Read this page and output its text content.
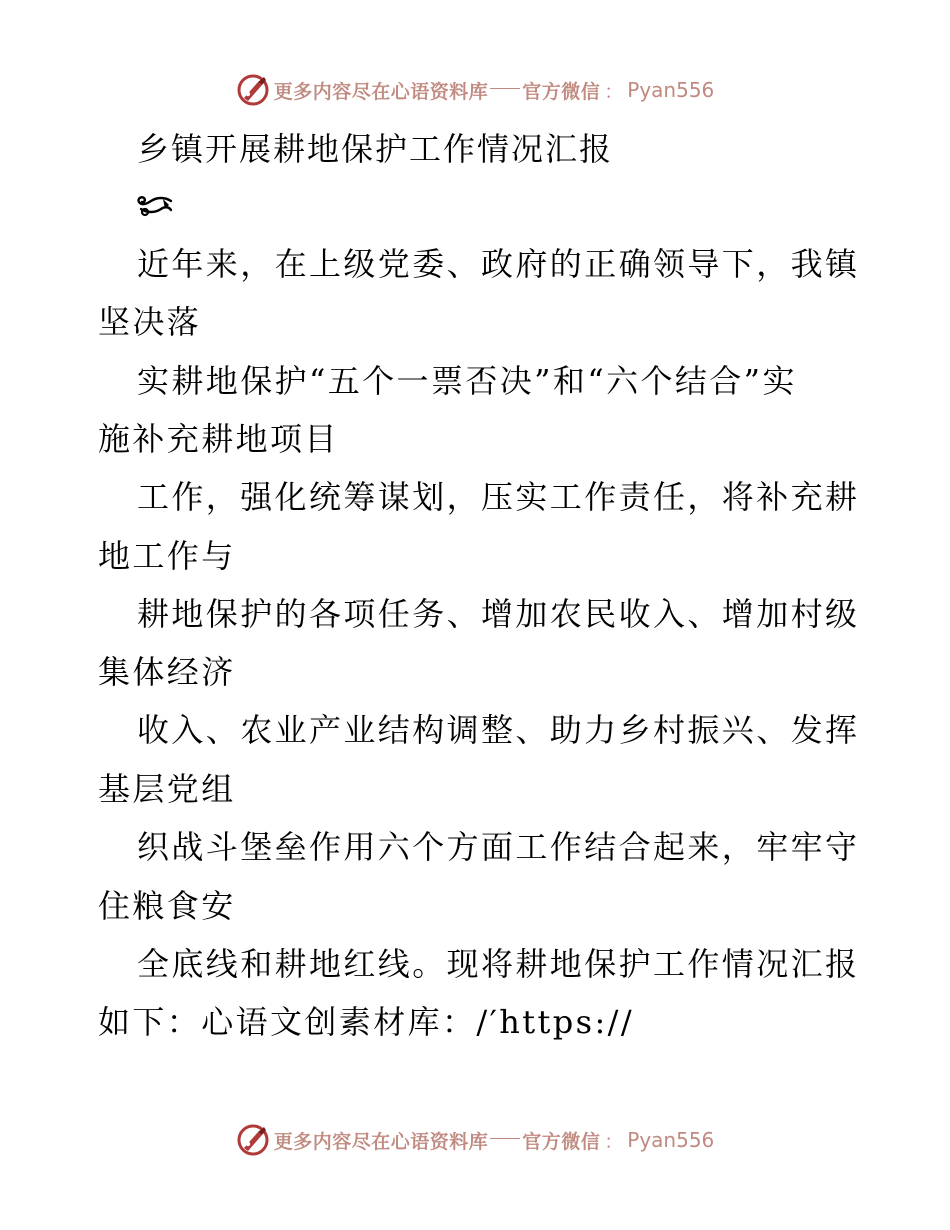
更多内容尽在心语资料库 官方微信 ： Pyan556
乡镇开展耕地保护工作情况汇报
近年来，在上级党委、政府的正确领导下，我镇
坚决落
实耕地保护“五个一票否决”和“六个结合”实
施补充耕地项目
工作，强化统筹谋划，压实工作责任，将补充耕
地工作与
耕地保护的各项任务、增加农民收入、增加村级
集体经济
收入、农业产业结构调整、助力乡村振兴、发挥
基层党组
织战斗堡垒作用六个方面工作结合起来，牢牢守
住粮食安
全底线和耕地红线。现将耕地保护工作情况汇报
如下：心语文创素材库：/′https://
更多内容尽在心语资料库 官方微信 ： Pyan556
